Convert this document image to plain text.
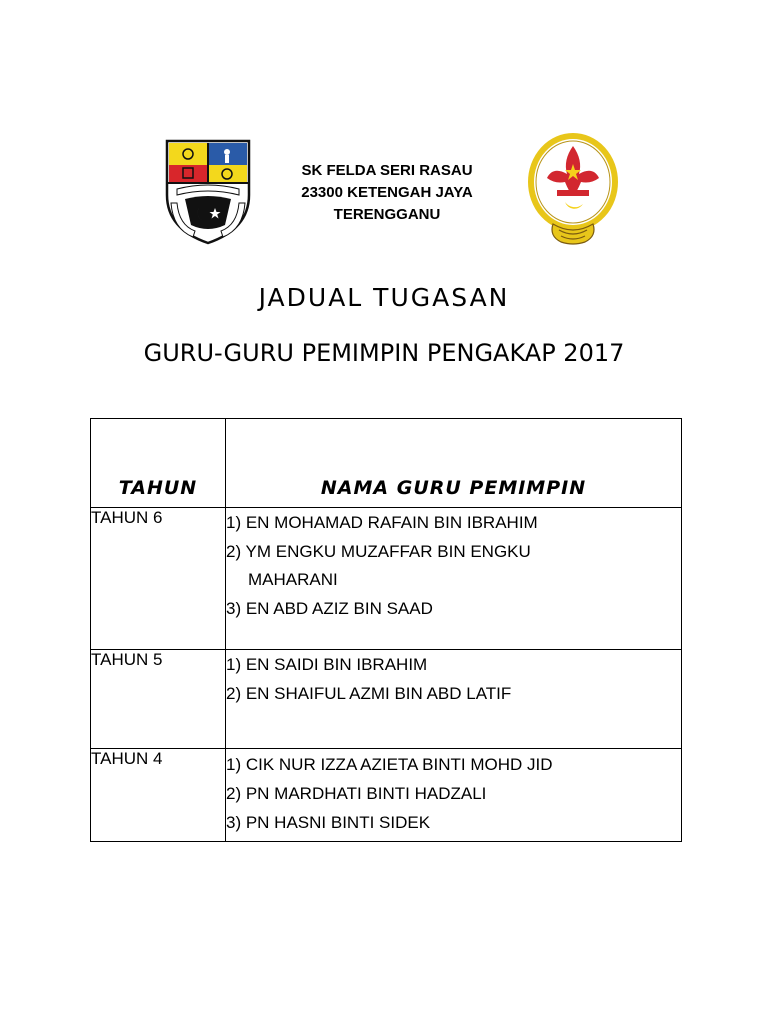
SK FELDA SERI RASAU
23300 KETENGAH JAYA
TERENGGANU
JADUAL TUGASAN
GURU-GURU PEMIMPIN PENGAKAP 2017
TAHUN	NAMA GURU PEMIMPIN
TAHUN 6	1) EN MOHAMAD RAFAIN BIN IBRAHIM
2) YM ENGKU MUZAFFAR BIN ENGKU
MAHARANI
3) EN ABD AZIZ BIN SAAD

TAHUN 5	1) EN SAIDI BIN IBRAHIM
2) EN SHAIFUL AZMI BIN ABD LATIF

TAHUN 4	1) CIK NUR IZZA AZIETA BINTI MOHD JID
2) PN MARDHATI BINTI HADZALI
3) PN HASNI BINTI SIDEK
